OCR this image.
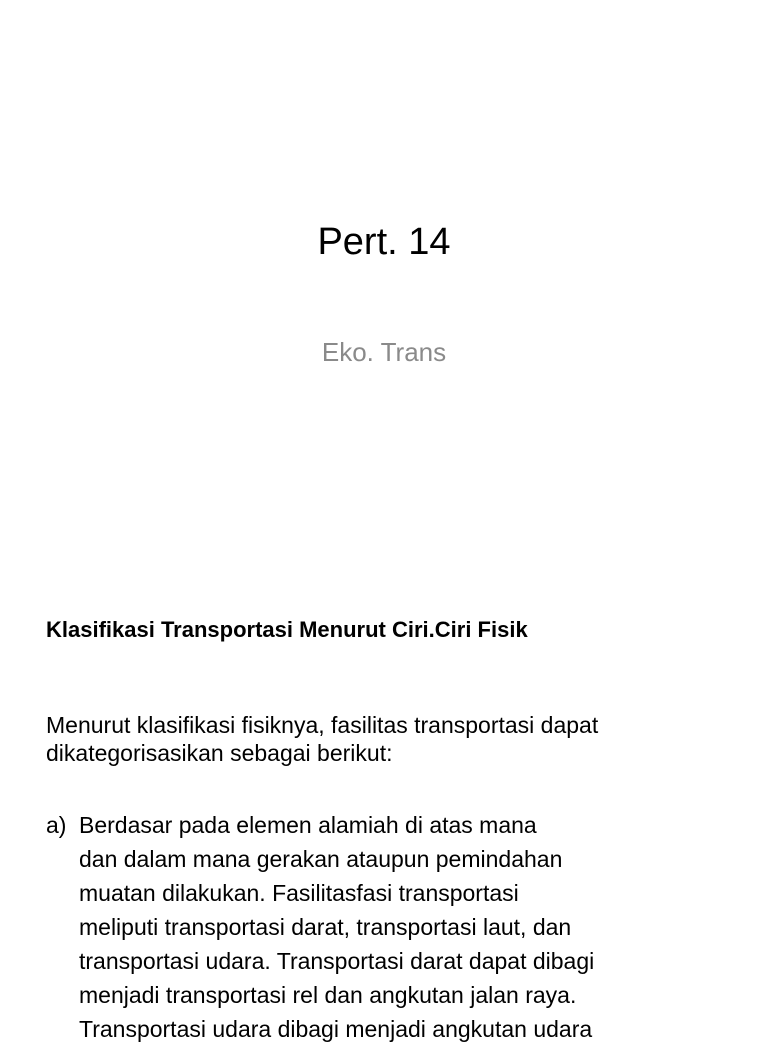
Pert. 14
Eko. Trans
Klasifikasi Transportasi Menurut Ciri.Ciri Fisik
Menurut klasifikasi fisiknya, fasilitas transportasi dapat
dikategorisasikan sebagai berikut:
a) Berdasar pada elemen alamiah di atas mana
dan dalam mana gerakan ataupun pemindahan
muatan dilakukan. Fasilitasfasi transportasi
meliputi transportasi darat, transportasi laut, dan
transportasi udara. Transportasi darat dapat dibagi
menjadi transportasi rel dan angkutan jalan raya.
Transportasi udara dibagi menjadi angkutan udara
